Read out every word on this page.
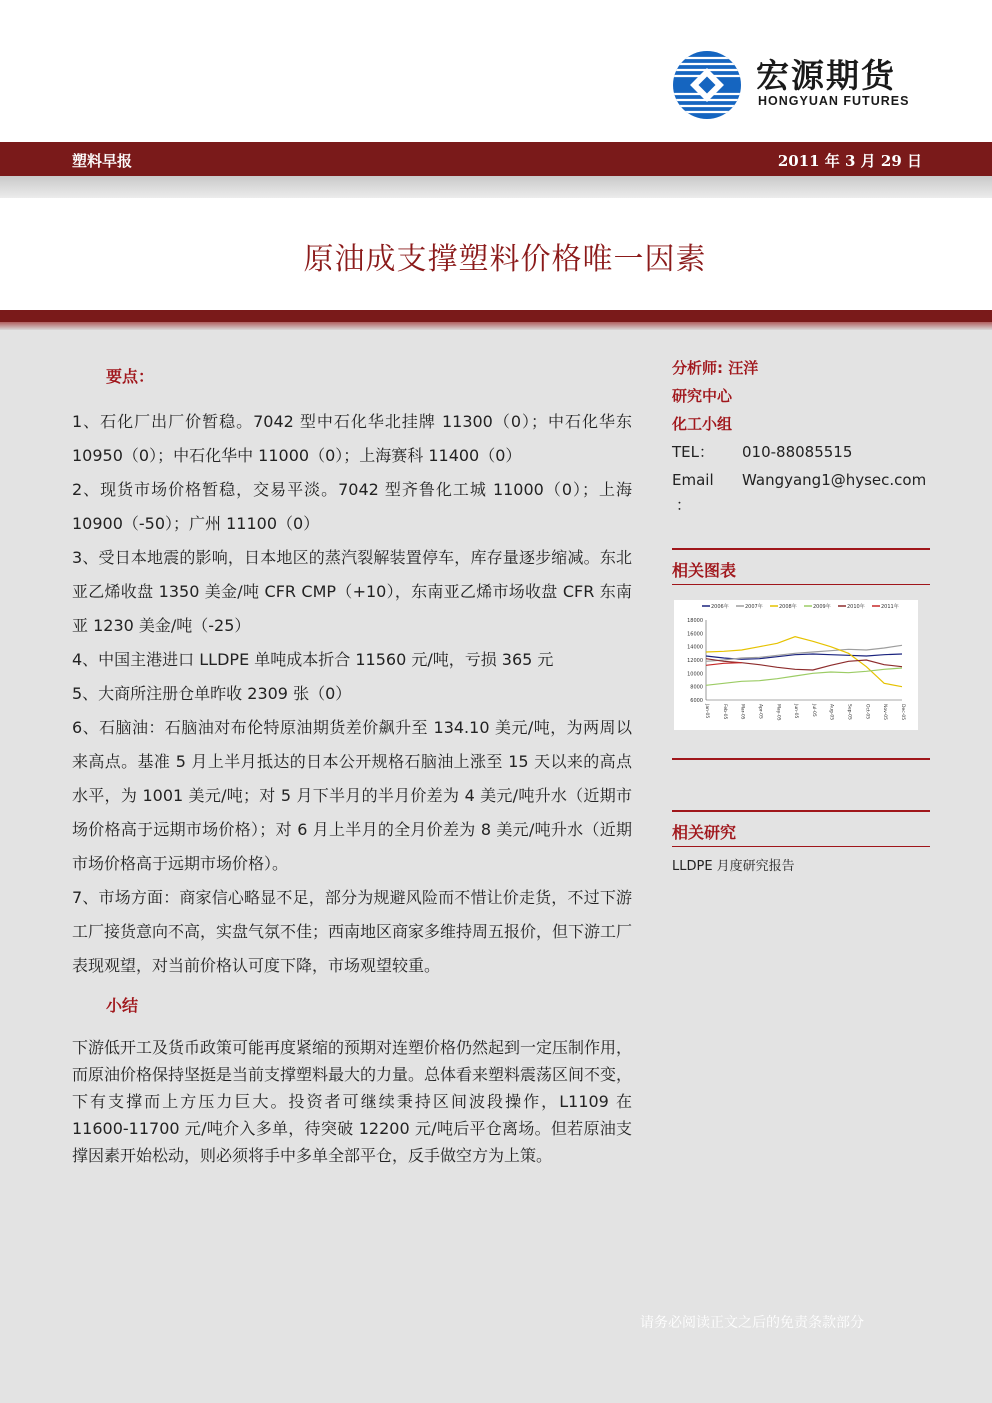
宏源期货
HONGYUAN FUTURES
塑料早报	2011 年 3 月 29 日
原油成支撑塑料价格唯一因素
要点：
1、石化厂出厂价暂稳。7042 型中石化华北挂牌 11300（0）；中石化华东 10950（0）；中石化华中 11000（0）；上海赛科 11400（0）
2、现货市场价格暂稳，交易平淡。7042 型齐鲁化工城 11000（0）；上海 10900（-50）；广州 11100（0）
3、受日本地震的影响，日本地区的蒸汽裂解装置停车，库存量逐步缩减。东北亚乙烯收盘 1350 美金/吨 CFR CMP（+10），东南亚乙烯市场收盘 CFR 东南亚 1230 美金/吨（-25）
4、中国主港进口 LLDPE 单吨成本折合 11560 元/吨，亏损 365 元
5、大商所注册仓单昨收 2309 张（0）
6、石脑油：石脑油对布伦特原油期货差价飙升至 134.10 美元/吨，为两周以来高点。基准 5 月上半月抵达的日本公开规格石脑油上涨至 15 天以来的高点水平，为 1001 美元/吨；对 5 月下半月的半月价差为 4 美元/吨升水（近期市场价格高于远期市场价格）；对 6 月上半月的全月价差为 8 美元/吨升水（近期市场价格高于远期市场价格）。
7、市场方面：商家信心略显不足，部分为规避风险而不惜让价走货，不过下游工厂接货意向不高，实盘气氛不佳；西南地区商家多维持周五报价，但下游工厂表现观望，对当前价格认可度下降，市场观望较重。
小结
下游低开工及货币政策可能再度紧缩的预期对连塑价格仍然起到一定压制作用，而原油价格保持坚挺是当前支撑塑料最大的力量。总体看来塑料震荡区间不变，下有支撑而上方压力巨大。投资者可继续秉持区间波段操作，L1109 在 11600-11700 元/吨介入多单，待突破 12200 元/吨后平仓离场。但若原油支撑因素开始松动，则必须将手中多单全部平仓，反手做空方为上策。
分析师: 汪洋
研究中心
化工小组
TEL：	010-88085515
Email	Wangyang1@hysec.com
：
相关图表
2006年	2007年	2008年	2009年	2010年	2011年
18000
16000
14000
12000
10000
8000
6000
Jan-05	Feb-05	Mar-05	Apr-05	May-05	Jun-05	Jul-05	Aug-05	Sep-05	Oct-05	Nov-05	Dec-05
相关研究
LLDPE 月度研究报告
请务必阅读正文之后的免责条款部分
